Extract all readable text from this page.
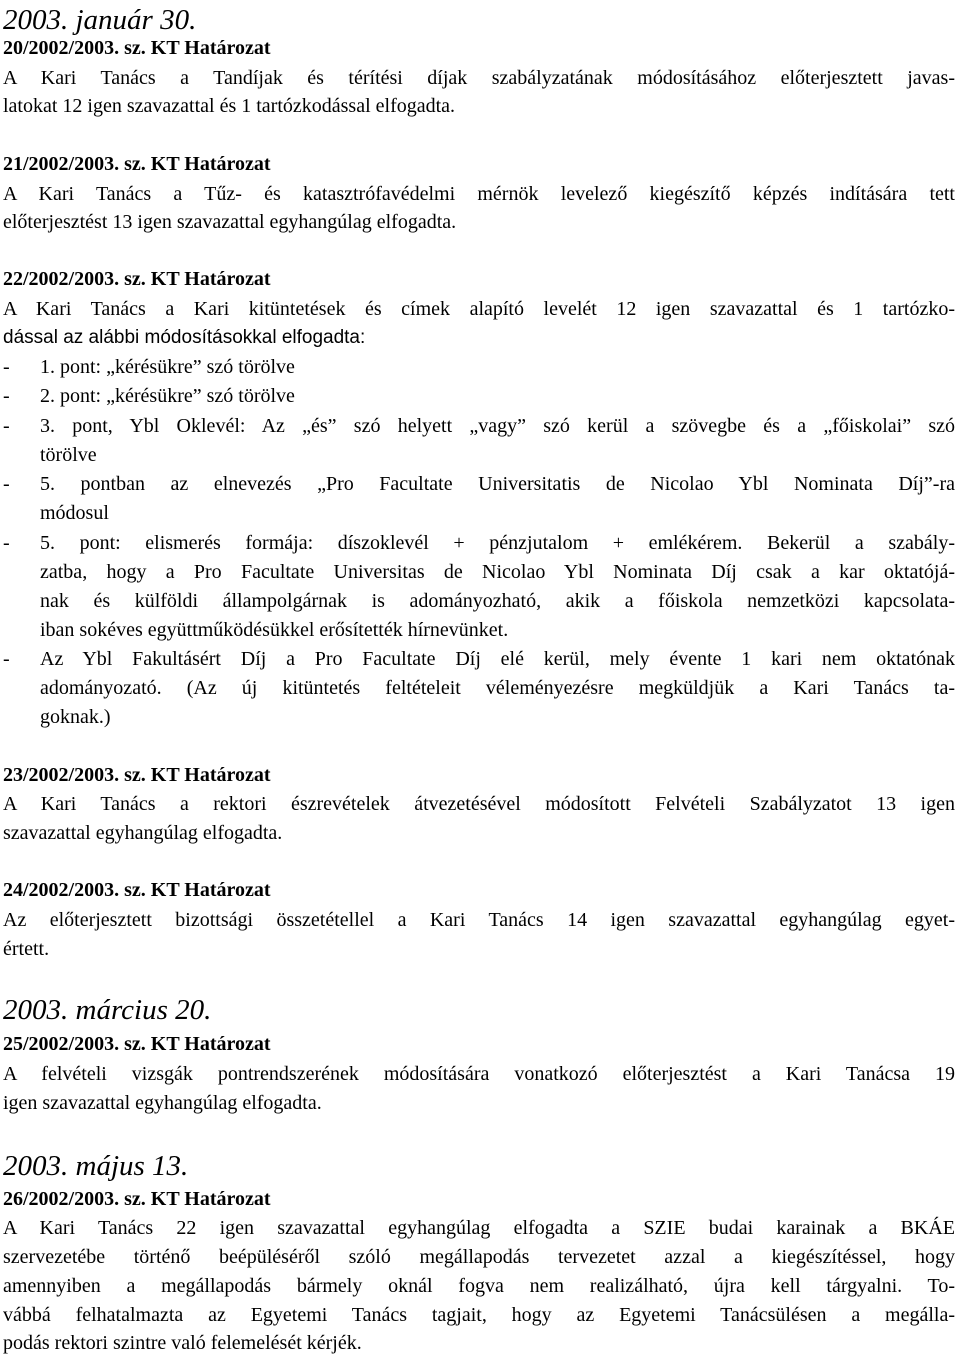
2003. január 30.
20/2002/2003. sz. KT Határozat
A Kari Tanács a Tandíjak és térítési díjak szabályzatának módosításához előterjesztett javas-
latokat 12 igen szavazattal és 1 tartózkodással elfogadta.
21/2002/2003. sz. KT Határozat
A Kari Tanács a Tűz- és katasztrófavédelmi mérnök levelező kiegészítő képzés indítására tett
előterjesztést 13 igen szavazattal egyhangúlag elfogadta.
22/2002/2003. sz. KT Határozat
A Kari Tanács a Kari kitüntetések és címek alapító levelét 12 igen szavazattal és 1 tartózko-
dással az alábbi módosításokkal elfogadta:
- 1. pont: „kérésükre” szó törölve
- 2. pont: „kérésükre” szó törölve
- 3. pont, Ybl Oklevél: Az „és” szó helyett „vagy” szó kerül a szövegbe és a „főiskolai” szó
törölve
- 5. pontban az elnevezés „Pro Facultate Universitatis de Nicolao Ybl Nominata Díj”-ra
módosul
- 5. pont: elismerés formája: díszoklevél + pénzjutalom + emlékérem. Bekerül a szabály-
zatba, hogy a Pro Facultate Universitas de Nicolao Ybl Nominata Díj csak a kar oktatójá-
nak és külföldi állampolgárnak is adományozható, akik a főiskola nemzetközi kapcsolata-
iban sokéves együttműködésükkel erősítették hírnevünket.
- Az Ybl Fakultásért Díj a Pro Facultate Díj elé kerül, mely évente 1 kari nem oktatónak
adományozató. (Az új kitüntetés feltételeit véleményezésre megküldjük a Kari Tanács ta-
goknak.)
23/2002/2003. sz. KT Határozat
A Kari Tanács a rektori észrevételek átvezetésével módosított Felvételi Szabályzatot 13 igen
szavazattal egyhangúlag elfogadta.
24/2002/2003. sz. KT Határozat
Az előterjesztett bizottsági összetétellel a Kari Tanács 14 igen szavazattal egyhangúlag egyet-
értett.
2003. március 20.
25/2002/2003. sz. KT Határozat
A felvételi vizsgák pontrendszerének módosítására vonatkozó előterjesztést a Kari Tanácsa 19
igen szavazattal egyhangúlag elfogadta.
2003. május 13.
26/2002/2003. sz. KT Határozat
A Kari Tanács 22 igen szavazattal egyhangúlag elfogadta a SZIE budai karainak a BKÁE
szervezetébe történő beépüléséről szóló megállapodás tervezetet azzal a kiegészítéssel, hogy
amennyiben a megállapodás bármely oknál fogva nem realizálható, újra kell tárgyalni. To-
vábbá felhatalmazta az Egyetemi Tanács tagjait, hogy az Egyetemi Tanácsülésen a megálla-
podás rektori szintre való felemelését kérjék.
